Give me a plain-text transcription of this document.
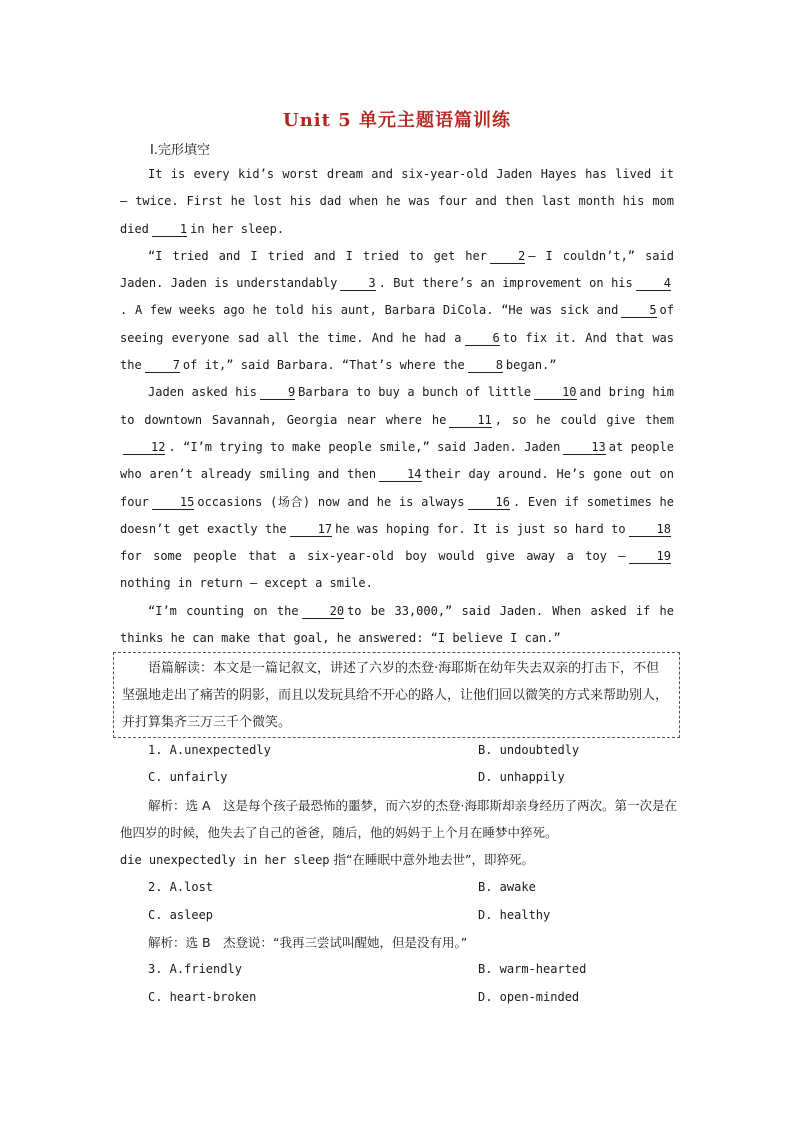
Unit 5 单元主题语篇训练
Ⅰ.完形填空

It is every kid’s worst dream and six-year-old Jaden Hayes has lived it — twice. First he lost his dad when he was four and then last month his mom died	1 in her sleep.

“I tried and I tried and I tried to get her	2 — I couldn’t,” said Jaden. Jaden is understandably	3 . But there’s an improvement on his	4. A few weeks ago he told his aunt, Barbara DiCola. “He was sick and	5 of seeing everyone sad all the time. And he had a	6 to fix it. And that was the	7 of it,” said Barbara. “That’s where the	8 began.”

Jaden asked his	9 Barbara to buy a bunch of little	10 and bring him to downtown Savannah, Georgia near where he	11 , so he could give them12 . “I’m trying to make people smile,” said Jaden. Jaden	13 at people who aren’t already smiling and then	14 their day around. He’s gone out on four	15 occasions (场合) now and he is always	16 . Even if sometimes he doesn’t get exactly the	17 he was hoping for. It is just so hard to	18for some people that a six-year-old boy would give away a toy —	19nothing in return — except a smile.

“I’m counting on the	20 to be 33,000,” said Jaden. When asked if he thinks he can make that goal, he answered: “I believe I can.”

语篇解读：本文是一篇记叙文，讲述了六岁的杰登·海耶斯在幼年失去双亲的打击下，不但坚强地走出了痛苦的阴影，而且以发玩具给不开心的路人，让他们回以微笑的方式来帮助别人，并打算集齐三万三千个微笑。
1. A.unexpectedly	B. undoubtedly
C. unfairly	D. unhappily
解析：选 A　这是每个孩子最恐怖的噩梦，而六岁的杰登·海耶斯却亲身经历了两次。第一次是在他四岁的时候，他失去了自己的爸爸，随后，他的妈妈于上个月在睡梦中猝死。
die unexpectedly in her sleep 指“在睡眠中意外地去世”，即猝死。
2. A.lost	B. awake
C. asleep	D. healthy
解析：选 B　杰登说：“我再三尝试叫醒她，但是没有用。”
3. A.friendly	B. warm-hearted
C. heart-broken	D. open-minded
